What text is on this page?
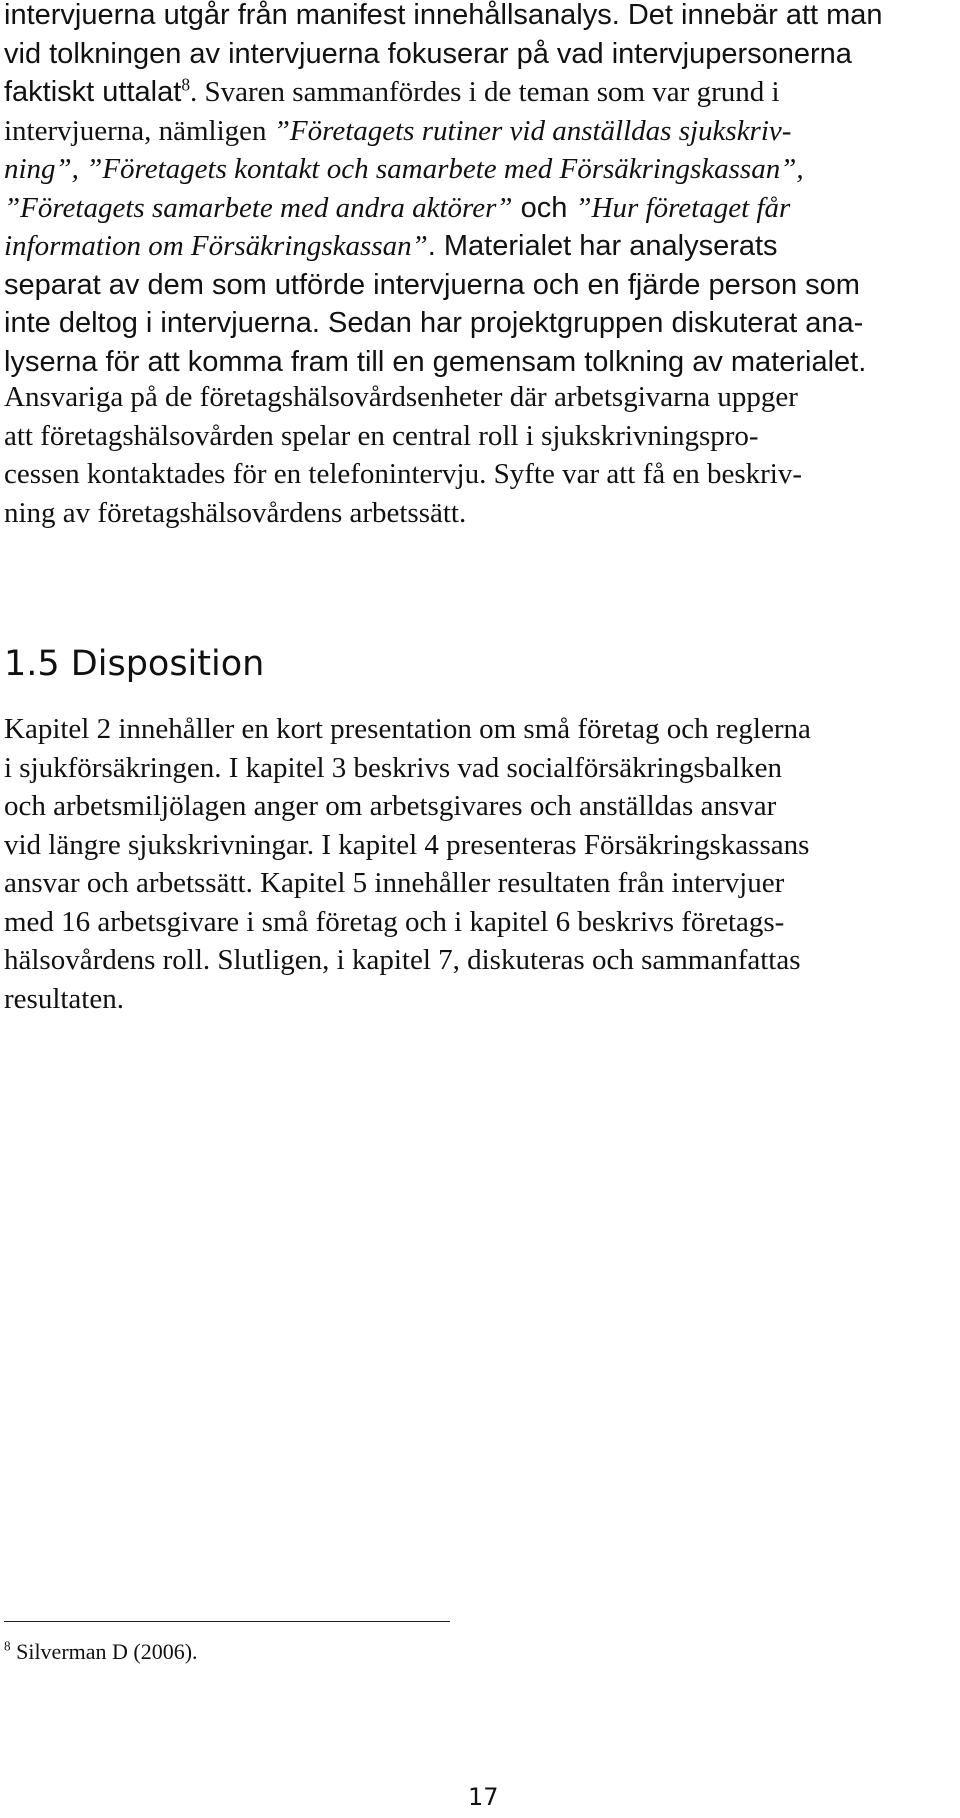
intervjuerna utgår från manifest innehållsanalys. Det innebär att man
vid tolkningen av intervjuerna fokuserar på vad intervjupersonerna
faktiskt uttalat$^8$. Svaren sammanfördes i de teman som var grund i
intervjuerna, nämligen ”Företagets rutiner vid anställdas sjukskriv-
ning”, ”Företagets kontakt och samarbete med Försäkringskassan”,
”Företagets samarbete med andra aktörer” och ”Hur företaget får
information om Försäkringskassan”. Materialet har analyserats
separat av dem som utförde intervjuerna och en fjärde person som
inte deltog i intervjuerna. Sedan har projektgruppen diskuterat ana-
lyserna för att komma fram till en gemensam tolkning av materialet.

Ansvariga på de företagshälsovårdsenheter där arbetsgivarna uppger
att företagshälsovården spelar en central roll i sjukskrivningspro-
cessen kontaktades för en telefonintervju. Syfte var att få en beskriv-
ning av företagshälsovårdens arbetssätt.

1.5 Disposition

Kapitel 2 innehåller en kort presentation om små företag och reglerna
i sjukförsäkringen. I kapitel 3 beskrivs vad socialförsäkringsbalken
och arbetsmiljölagen anger om arbetsgivares och anställdas ansvar
vid längre sjukskrivningar. I kapitel 4 presenteras Försäkringskassans
ansvar och arbetssätt. Kapitel 5 innehåller resultaten från intervjuer
med 16 arbetsgivare i små företag och i kapitel 6 beskrivs företags-
hälsovårdens roll. Slutligen, i kapitel 7, diskuteras och sammanfattas
resultaten.

$^8$ Silverman D (2006).

17
